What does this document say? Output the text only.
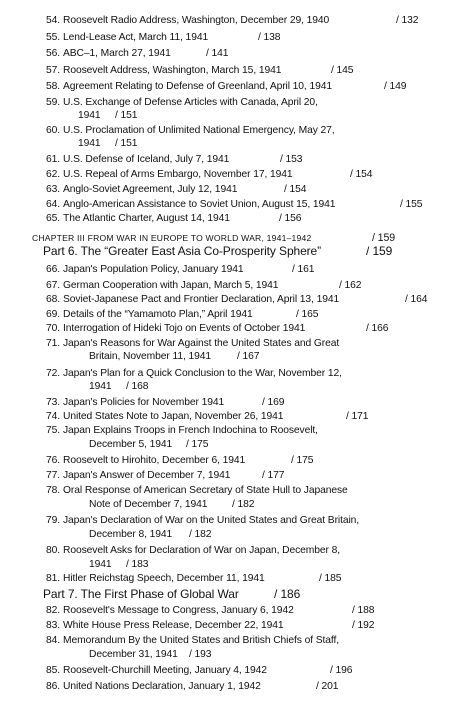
54. Roosevelt Radio Address, Washington, December 29, 1940	/ 132
55. Lend-Lease Act, March 11, 1941	/ 138
56. ABC–1, March 27, 1941	/ 141
57. Roosevelt Address, Washington, March 15, 1941	/ 145
58. Agreement Relating to Defense of Greenland, April 10, 1941	/ 149
59. U.S. Exchange of Defense Articles with Canada, April 20,
1941 / 151
60. U.S. Proclamation of Unlimited National Emergency, May 27,
1941 / 151
61. U.S. Defense of Iceland, July 7, 1941	/ 153
62. U.S. Repeal of Arms Embargo, November 17, 1941	/ 154
63. Anglo-Soviet Agreement, July 12, 1941	/ 154
64. Anglo-American Assistance to Soviet Union, August 15, 1941	/ 155
65. The Atlantic Charter, August 14, 1941	/ 156
CHAPTER III FROM WAR IN EUROPE TO WORLD WAR, 1941–1942	/ 159
Part 6. The “Greater East Asia Co-Prosperity Sphere”	/ 159
66. Japan's Population Policy, January 1941	/ 161
67. German Cooperation with Japan, March 5, 1941	/ 162
68. Soviet-Japanese Pact and Frontier Declaration, April 13, 1941	/ 164
69. Details of the “Yamamoto Plan,” April 1941	/ 165
70. Interrogation of Hideki Tojo on Events of October 1941	/ 166
71. Japan's Reasons for War Against the United States and Great
Britain, November 11, 1941	/ 167
72. Japan's Plan for a Quick Conclusion to the War, November 12,
1941 / 168
73. Japan's Policies for November 1941	/ 169
74. United States Note to Japan, November 26, 1941	/ 171
75. Japan Explains Troops in French Indochina to Roosevelt,
December 5, 1941 / 175
76. Roosevelt to Hirohito, December 6, 1941	/ 175
77. Japan's Answer of December 7, 1941	/ 177
78. Oral Response of American Secretary of State Hull to Japanese
Note of December 7, 1941 / 182
79. Japan's Declaration of War on the United States and Great Britain,
December 8, 1941 / 182
80. Roosevelt Asks for Declaration of War on Japan, December 8,
1941 / 183
81. Hitler Reichstag Speech, December 11, 1941	/ 185
Part 7. The First Phase of Global War	/ 186
82. Roosevelt's Message to Congress, January 6, 1942	/ 188
83. White House Press Release, December 22, 1941	/ 192
84. Memorandum By the United States and British Chiefs of Staff,
December 31, 1941 / 193
85. Roosevelt-Churchill Meeting, January 4, 1942	/ 196
86. United Nations Declaration, January 1, 1942	/ 201
